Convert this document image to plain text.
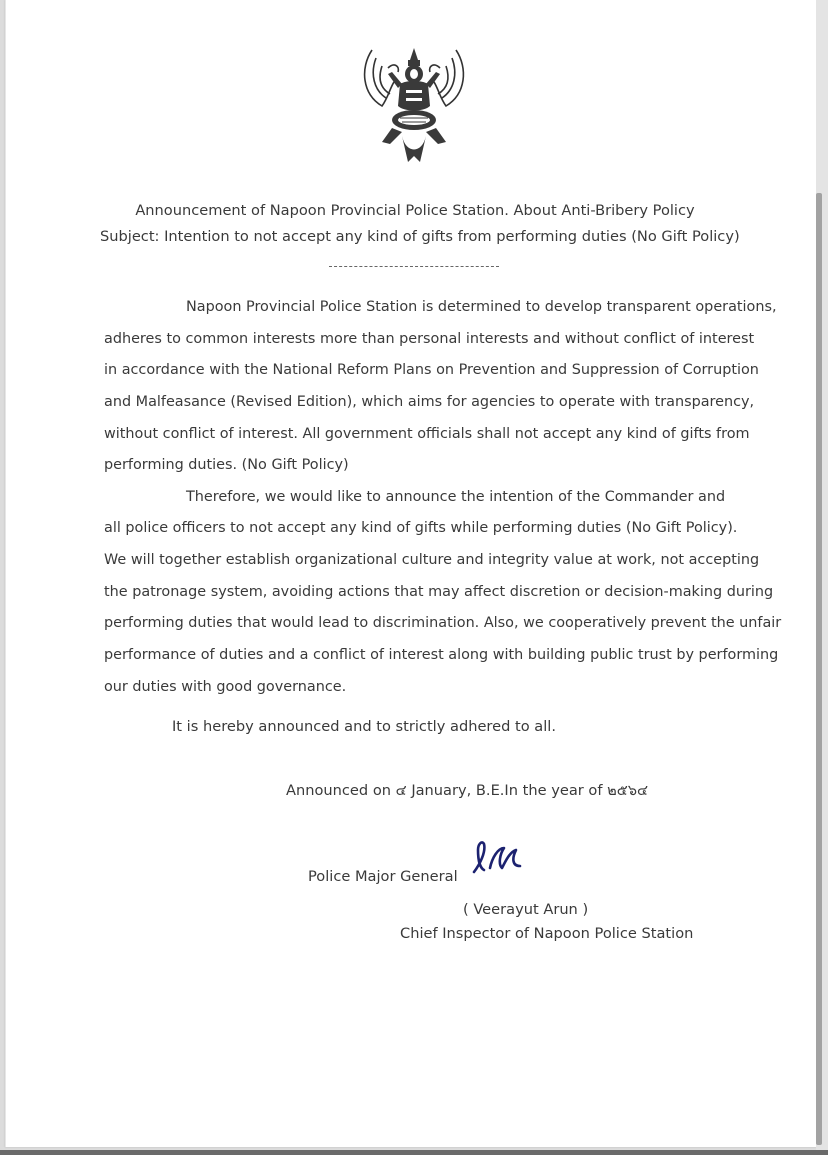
Announcement of Napoon Provincial Police Station. About Anti-Bribery Policy
Subject: Intention to not accept any kind of gifts from performing duties (No Gift Policy)
Napoon Provincial Police Station is determined to develop transparent operations,
adheres to common interests more than personal interests and without conflict of interest
in accordance with the National Reform Plans on Prevention and Suppression of Corruption
and Malfeasance (Revised Edition), which aims for agencies to operate with transparency,
without conflict of interest. All government officials shall not accept any kind of gifts from
performing duties. (No Gift Policy)
Therefore, we would like to announce the intention of the Commander and
all police officers to not accept any kind of gifts while performing duties (No Gift Policy).
We will together establish organizational culture and integrity value at work, not accepting
the patronage system, avoiding actions that may affect discretion or decision-making during
performing duties that would lead to discrimination. Also, we cooperatively prevent the unfair
performance of duties and a conflict of interest along with building public trust by performing
our duties with good governance.
It is hereby announced and to strictly adhered to all.
Announced on ๔ January, B.E.In the year of ๒๕๖๔
Police Major General
( Veerayut Arun )
Chief Inspector of Napoon Police Station
